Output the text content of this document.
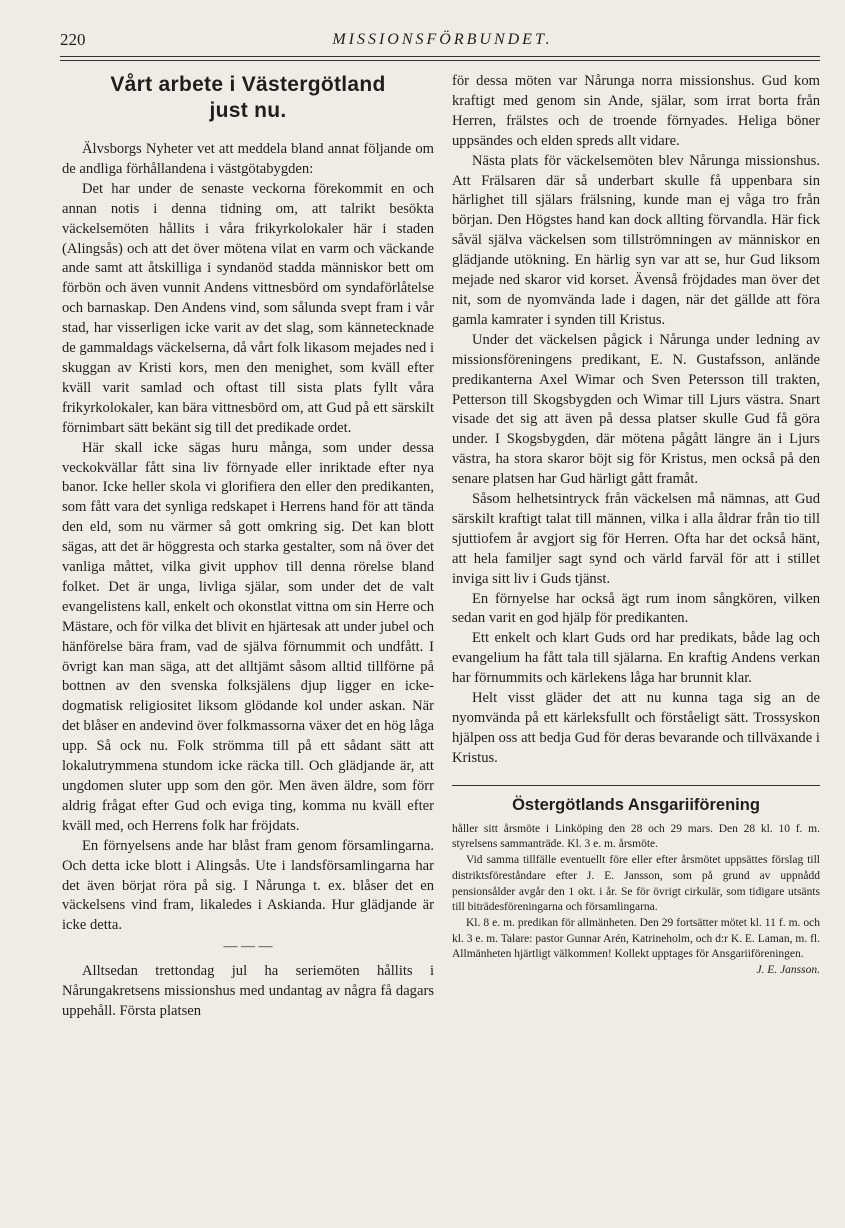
220	MISSIONSFÖRBUNDET.
Vårt arbete i Västergötland
just nu.

Älvsborgs Nyheter vet att meddela bland annat följande om de andliga förhållandena i västgötabygden:

Det har under de senaste veckorna förekommit en och annan notis i denna tidning om, att talrikt besökta väckelsemöten hållits i våra frikyrkolokaler här i staden (Alingsås) och att det över mötena vilat en varm och väckande ande samt att åtskilliga i syndanöd stadda människor bett om förbön och även vunnit Andens vittnesbörd om syndaförlåtelse och barnaskap. Den Andens vind, som sålunda svept fram i vår stad, har visserligen icke varit av det slag, som kännetecknade de gammaldags väckelserna, då vårt folk likasom mejades ned i skuggan av Kristi kors, men den menighet, som kväll efter kväll varit samlad och oftast till sista plats fyllt våra frikyrkolokaler, kan bära vittnesbörd om, att Gud på ett särskilt förnimbart sätt bekänt sig till det predikade ordet.

Här skall icke sägas huru många, som under dessa veckokvällar fått sina liv förnyade eller inriktade efter nya banor. Icke heller skola vi glorifiera den eller den predikanten, som fått vara det synliga redskapet i Herrens hand för att tända den eld, som nu värmer så gott omkring sig. Det kan blott sägas, att det är höggresta och starka gestalter, som nå över det vanliga måttet, vilka givit upphov till denna rörelse bland folket. Det är unga, livliga själar, som under det de valt evangelistens kall, enkelt och okonstlat vittna om sin Herre och Mästare, och för vilka det blivit en hjärtesak att under jubel och hänförelse bära fram, vad de själva förnummit och undfått. I övrigt kan man säga, att det alltjämt såsom alltid tillförne på bottnen av den svenska folksjälens djup ligger en icke-dogmatisk religiositet liksom glödande kol under askan. När det blåser en andevind över folkmassorna växer det en hög låga upp. Så ock nu. Folk strömma till på ett sådant sätt att lokalutrymmena stundom icke räcka till. Och glädjande är, att ungdomen sluter upp som den gör. Men även äldre, som förr aldrig frågat efter Gud och eviga ting, komma nu kväll efter kväll med, och Herrens folk har fröjdats.

En förnyelsens ande har blåst fram genom församlingarna. Och detta icke blott i Alingsås. Ute i landsförsamlingarna har det även börjat röra på sig. I Nårunga t. ex. blåser det en väckelsens vind fram, likaledes i Askianda. Hur glädjande är icke detta.

— — —

Alltsedan trettondag jul ha seriemöten hållits i Nårungakretsens missionshus med undantag av några få dagars uppehåll. Första platsen

för dessa möten var Nårunga norra missionshus. Gud kom kraftigt med genom sin Ande, själar, som irrat borta från Herren, frälstes och de troende förnyades. Heliga böner uppsändes och elden spreds allt vidare.

Nästa plats för väckelsemöten blev Nårunga missionshus. Att Frälsaren där så underbart skulle få uppenbara sin härlighet till själars frälsning, kunde man ej våga tro från början. Den Högstes hand kan dock allting förvandla. Här fick såväl själva väckelsen som tillströmningen av människor en glädjande utökning. En härlig syn var att se, hur Gud liksom mejade ned skaror vid korset. Ävenså fröjdades man över det nit, som de nyomvända lade i dagen, när det gällde att föra gamla kamrater i synden till Kristus.

Under det väckelsen pågick i Nårunga under ledning av missionsföreningens predikant, E. N. Gustafsson, anlände predikanterna Axel Wimar och Sven Petersson till trakten, Petterson till Skogsbygden och Wimar till Ljurs västra. Snart visade det sig att även på dessa platser skulle Gud få göra under. I Skogsbygden, där mötena pågått längre än i Ljurs västra, ha stora skaror böjt sig för Kristus, men också på den senare platsen har Gud härligt gått framåt.

Såsom helhetsintryck från väckelsen må nämnas, att Gud särskilt kraftigt talat till männen, vilka i alla åldrar från tio till sjuttiofem år avgjort sig för Herren. Ofta har det också hänt, att hela familjer sagt synd och värld farväl för att i stillet inviga sitt liv i Guds tjänst.

En förnyelse har också ägt rum inom sångkören, vilken sedan varit en god hjälp för predikanten.

Ett enkelt och klart Guds ord har predikats, både lag och evangelium ha fått tala till själarna. En kraftig Andens verkan har förnummits och kärlekens låga har brunnit klar.

Helt visst gläder det att nu kunna taga sig an de nyomvända på ett kärleksfullt och förståeligt sätt. Trossyskon hjälpen oss att bedja Gud för deras bevarande och tillväxande i Kristus.

Östergötlands Ansgariiförening

håller sitt årsmöte i Linköping den 28 och 29 mars. Den 28 kl. 10 f. m. styrelsens sammanträde. Kl. 3 e. m. årsmöte.

Vid samma tillfälle eventuellt före eller efter årsmötet uppsättes förslag till distriktsföreståndare efter J. E. Jansson, som på grund av uppnådd pensionsålder avgår den 1 okt. i år. Se för övrigt cirkulär, som tidigare utsänts till biträdesföreningarna och församlingarna.

Kl. 8 e. m. predikan för allmänheten. Den 29 fortsätter mötet kl. 11 f. m. och kl. 3 e. m. Talare: pastor Gunnar Arén, Katrineholm, och d:r K. E. Laman, m. fl. Allmänheten hjärtligt välkommen! Kollekt upptages för Ansgariiföreningen.

J. E. Jansson.
